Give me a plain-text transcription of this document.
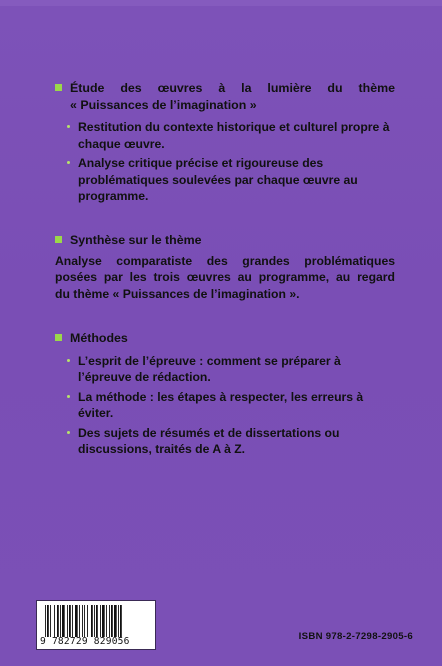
Étude des œuvres à la lumière du thème
« Puissances de l’imagination »
Restitution du contexte historique et culturel propre à chaque œuvre.
Analyse critique précise et rigoureuse des problématiques soulevées par chaque œuvre au programme.
Synthèse sur le thème
Analyse comparatiste des grandes problématiques
posées par les trois œuvres au programme, au regard
du thème « Puissances de l’imagination ».
Méthodes
L’esprit de l’épreuve : comment se préparer à l’épreuve de rédaction.
La méthode : les étapes à respecter, les erreurs à éviter.
Des sujets de résumés et de dissertations ou discussions, traités de A à Z.
9 782729 829056	ISBN 978-2-7298-2905-6
